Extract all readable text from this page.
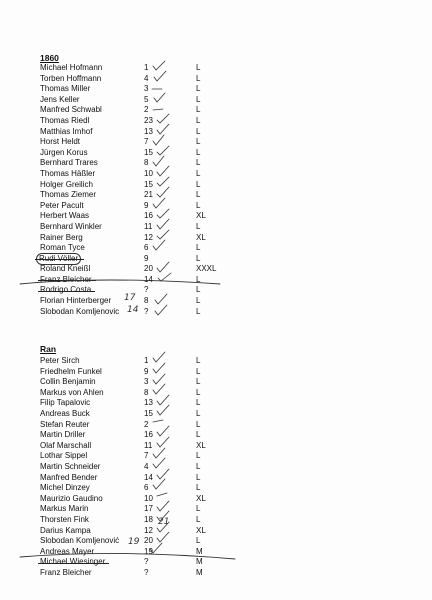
1860
Michael Hofmann	1	L
Torben Hoffmann	4	L
Thomas Miller	3	L
Jens Keller	5	L
Manfred Schwabl	2	L
Thomas Riedl	23	L
Matthias Imhof	13	L
Horst Heldt	7	L
Jürgen Korus	15	L
Bernhard Trares	8	L
Thomas Häßler	10	L
Holger Greilich	15	L
Thomas Ziemer	21	L
Peter Pacult	9	L
Herbert Waas	16	XL
Bernhard Winkler	11	L
Rainer Berg	12	XL
Roman Tyce	6	L
Rudi Völler	9	L
Roland Kneißl	20	XXXL
Franz Bleicher	14	L
Rodrigo Costa	?	L
Florian Hinterberger	8	L
Slobodan Komljenovic	?	L
Ran
Peter Sirch	1	L
Friedhelm Funkel	9	L
Collin Benjamin	3	L
Markus von Ahlen	8	L
Filip Tapalovic	13	L
Andreas Buck	15	L
Stefan Reuter	2	L
Martin Driller	16	L
Olaf Marschall	11	XL
Lothar Sippel	7	L
Martin Schneider	4	L
Manfred Bender	14	L
Michel Dinzey	6	L
Maurizio Gaudino	10	XL
Markus Marin	17	L
Thorsten Fink	18	L
Darius Kampa	12	XL
Slobodan Komljenović	20	L
Andreas Mayer	19	M
Michael Wiesinger	?	M
Franz Bleicher	?	M
17
14
21
19
